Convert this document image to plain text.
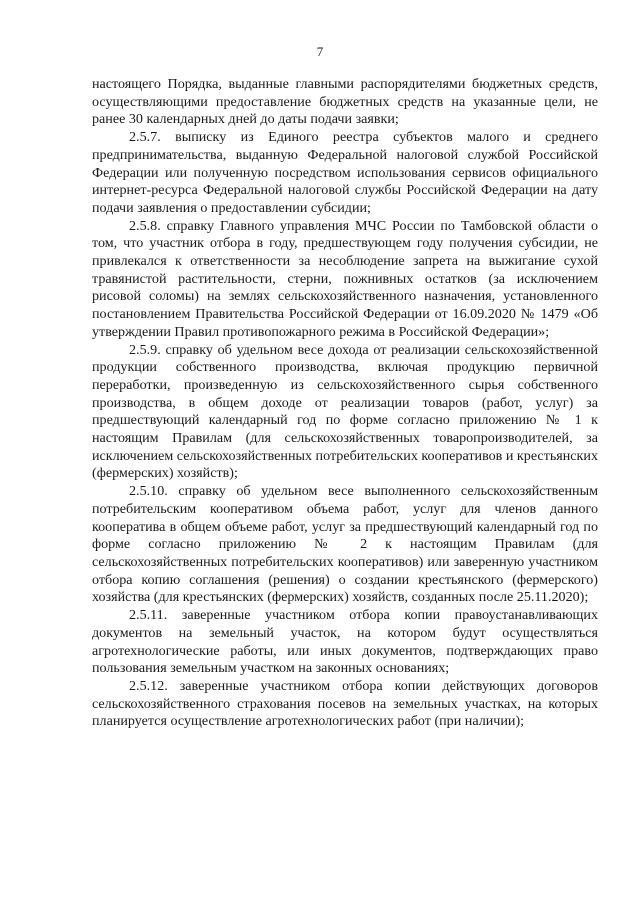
7

настоящего Порядка, выданные главными распорядителями бюджетных средств, осуществляющими предоставление бюджетных средств на указанные цели, не ранее 30 календарных дней до даты подачи заявки;

2.5.7. выписку из Единого реестра субъектов малого и среднего предпринимательства, выданную Федеральной налоговой службой Российской Федерации или полученную посредством использования сервисов официального интернет-ресурса Федеральной налоговой службы Российской Федерации на дату подачи заявления о предоставлении субсидии;

2.5.8. справку Главного управления МЧС России по Тамбовской области о том, что участник отбора в году, предшествующем году получения субсидии, не привлекался к ответственности за несоблюдение запрета на выжигание сухой травянистой растительности, стерни, пожнивных остатков (за исключением рисовой соломы) на землях сельскохозяйственного назначения, установленного постановлением Правительства Российской Федерации от 16.09.2020 № 1479 «Об утверждении Правил противопожарного режима в Российской Федерации»;

2.5.9. справку об удельном весе дохода от реализации сельскохозяйственной продукции собственного производства, включая продукцию первичной переработки, произведенную из сельскохозяйственного сырья собственного производства, в общем доходе от реализации товаров (работ, услуг) за предшествующий календарный год по форме согласно приложению № 1 к настоящим Правилам (для сельскохозяйственных товаропроизводителей, за исключением сельскохозяйственных потребительских кооперативов и крестьянских (фермерских) хозяйств);

2.5.10. справку об удельном весе выполненного сельскохозяйственным потребительским кооперативом объема работ, услуг для членов данного кооператива в общем объеме работ, услуг за предшествующий календарный год по форме согласно приложению № 2 к настоящим Правилам (для сельскохозяйственных потребительских кооперативов) или заверенную участником отбора копию соглашения (решения) о создании крестьянского (фермерского) хозяйства (для крестьянских (фермерских) хозяйств, созданных после 25.11.2020);

2.5.11. заверенные участником отбора копии правоустанавливающих документов на земельный участок, на котором будут осуществляться агротехнологические работы, или иных документов, подтверждающих право пользования земельным участком на законных основаниях;

2.5.12. заверенные участником отбора копии действующих договоров сельскохозяйственного страхования посевов на земельных участках, на которых планируется осуществление агротехнологических работ (при наличии);
